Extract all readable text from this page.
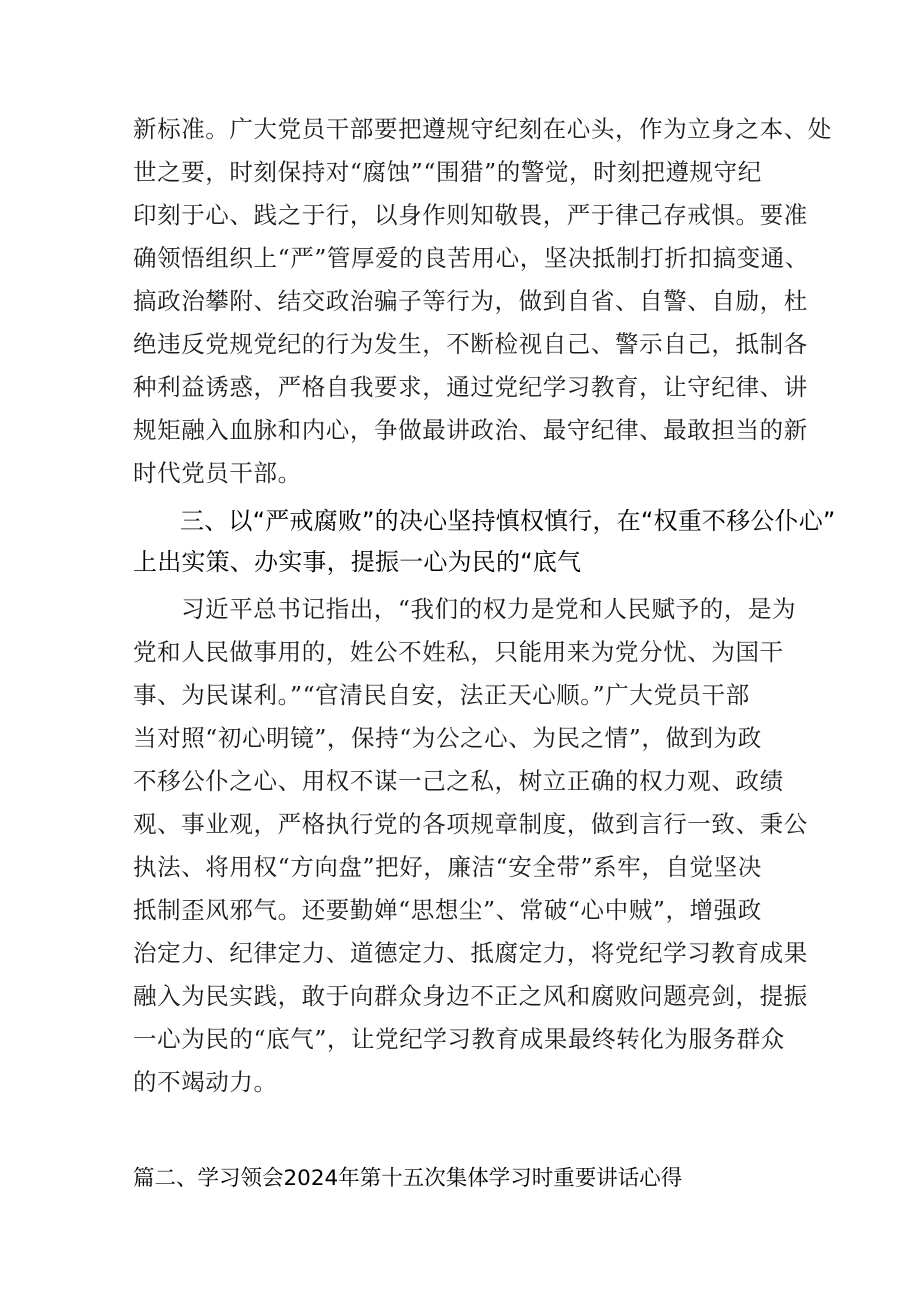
新标准。广大党员干部要把遵规守纪刻在心头，作为立身之本、处
世之要，时刻保持对“腐蚀”“围猎”的警觉，时刻把遵规守纪
印刻于心、践之于行，以身作则知敬畏，严于律己存戒惧。要准
确领悟组织上“严”管厚爱的良苦用心，坚决抵制打折扣搞变通、
搞政治攀附、结交政治骗子等行为，做到自省、自警、自励，杜
绝违反党规党纪的行为发生，不断检视自己、警示自己，抵制各
种利益诱惑，严格自我要求，通过党纪学习教育，让守纪律、讲
规矩融入血脉和内心，争做最讲政治、最守纪律、最敢担当的新
时代党员干部。
三、以“严戒腐败”的决心坚持慎权慎行，在“权重不移公仆心”
上出实策、办实事，提振一心为民的“底气
习近平总书记指出，“我们的权力是党和人民赋予的，是为
党和人民做事用的，姓公不姓私，只能用来为党分忧、为国干
事、为民谋利。”“官清民自安，法正天心顺。”广大党员干部
当对照“初心明镜”，保持“为公之心、为民之情”，做到为政
不移公仆之心、用权不谋一己之私，树立正确的权力观、政绩
观、事业观，严格执行党的各项规章制度，做到言行一致、秉公
执法、将用权“方向盘”把好，廉洁“安全带”系牢，自觉坚决
抵制歪风邪气。还要勤婵“思想尘”、常破“心中贼”，增强政
治定力、纪律定力、道德定力、抵腐定力，将党纪学习教育成果
融入为民实践，敢于向群众身边不正之风和腐败问题亮剑，提振
一心为民的“底气”，让党纪学习教育成果最终转化为服务群众
的不竭动力。
篇二、学习领会2024年第十五次集体学习时重要讲话心得
